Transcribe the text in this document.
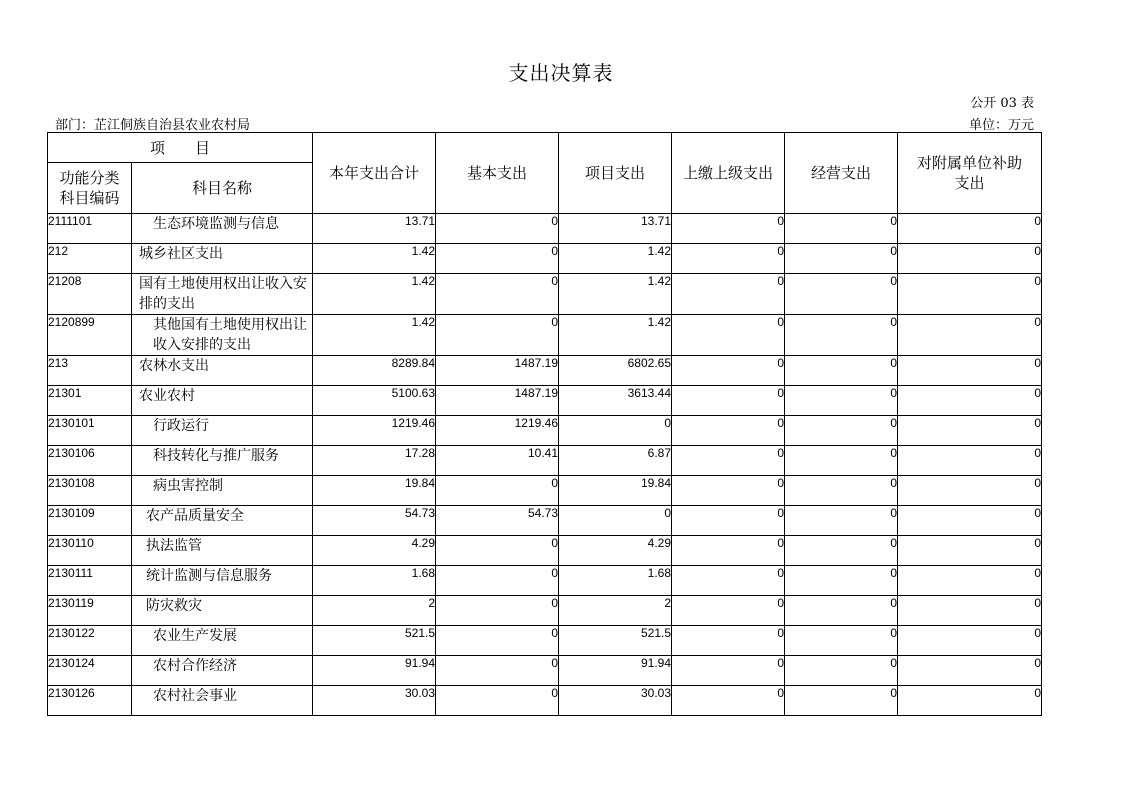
支出决算表
公开 03 表
部门：芷江侗族自治县农业农村局	单位：万元
项　　目		本年支出合计	基本支出	项目支出	上缴上级支出	经营支出	对附属单位补助支出
功能分类科目编码	科目名称						
2111101	生态环境监测与信息	13.71	0	13.71	0	0	0
212	城乡社区支出	1.42	0	1.42	0	0	0
21208	国有土地使用权出让收入安排的支出	1.42	0	1.42	0	0	0
2120899	其他国有土地使用权出让收入安排的支出	1.42	0	1.42	0	0	0
213	农林水支出	8289.84	1487.19	6802.65	0	0	0
21301	农业农村	5100.63	1487.19	3613.44	0	0	0
2130101	行政运行	1219.46	1219.46	0	0	0	0
2130106	科技转化与推广服务	17.28	10.41	6.87	0	0	0
2130108	病虫害控制	19.84	0	19.84	0	0	0
2130109	农产品质量安全	54.73	54.73	0	0	0	0
2130110	执法监管	4.29	0	4.29	0	0	0
2130111	统计监测与信息服务	1.68	0	1.68	0	0	0
2130119	防灾救灾	2	0	2	0	0	0
2130122	农业生产发展	521.5	0	521.5	0	0	0
2130124	农村合作经济	91.94	0	91.94	0	0	0
2130126	农村社会事业	30.03	0	30.03	0	0	0
